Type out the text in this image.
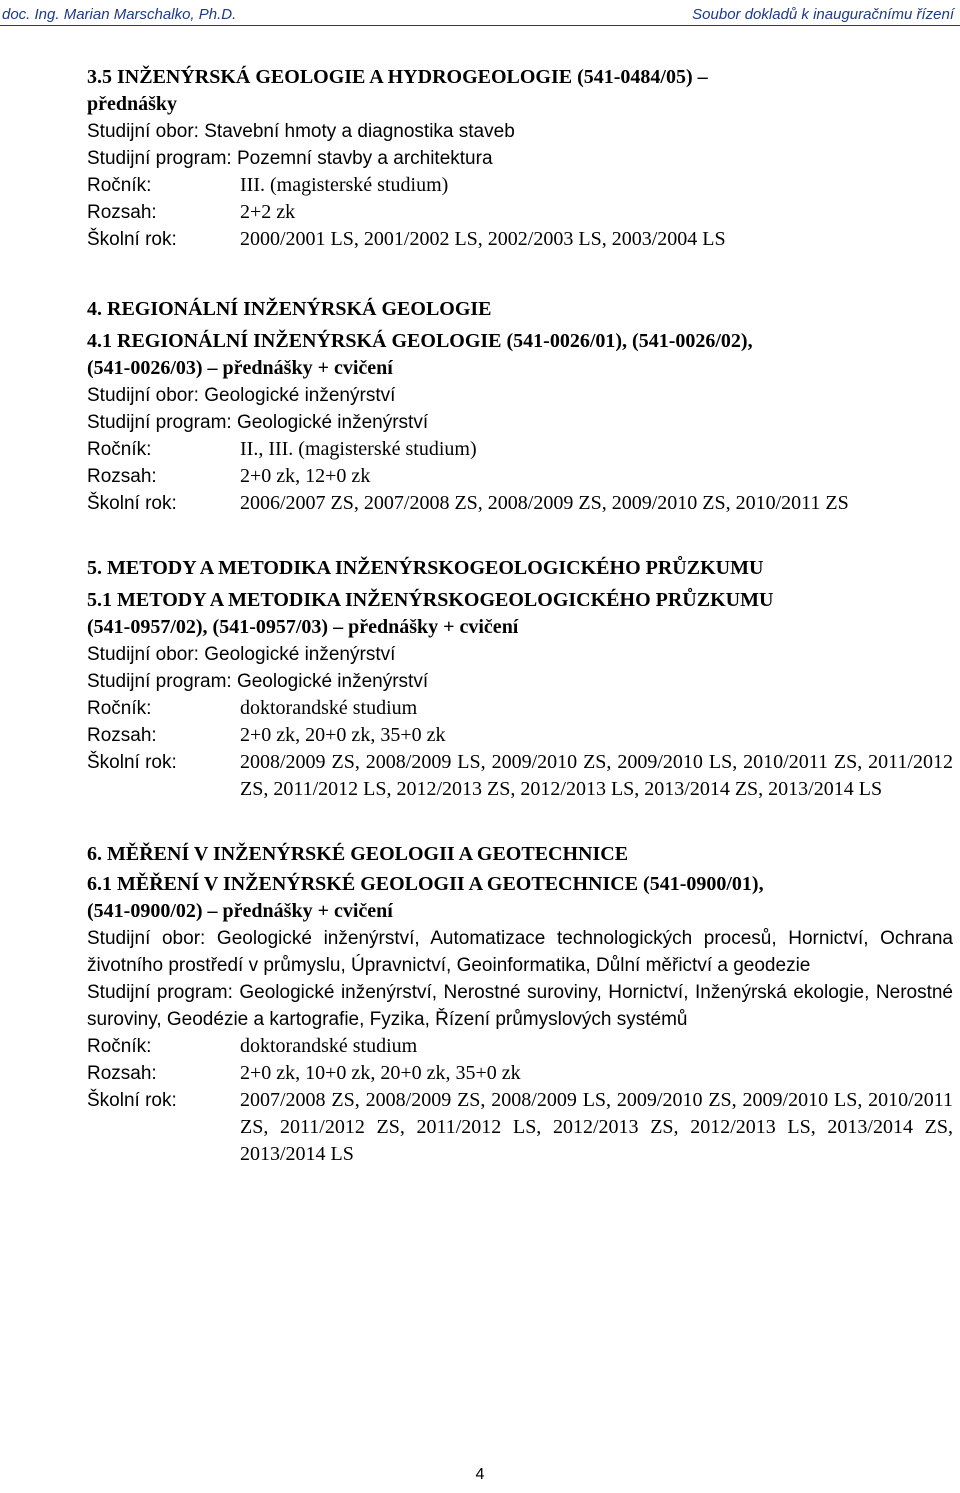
doc. Ing. Marian Marschalko, Ph.D.	Soubor dokladů k inauguračnímu řízení
3.5 INŽENÝRSKÁ GEOLOGIE A HYDROGEOLOGIE (541-0484/05) –
přednášky
Studijní obor: Stavební hmoty a diagnostika staveb
Studijní program: Pozemní stavby a architektura
Ročník:	III. (magisterské studium)
Rozsah:	2+2 zk
Školní rok:	2000/2001 LS, 2001/2002 LS, 2002/2003 LS, 2003/2004 LS
4. REGIONÁLNÍ INŽENÝRSKÁ GEOLOGIE
4.1 REGIONÁLNÍ INŽENÝRSKÁ GEOLOGIE (541-0026/01), (541-0026/02),
(541-0026/03) – přednášky + cvičení
Studijní obor: Geologické inženýrství
Studijní program: Geologické inženýrství
Ročník:	II., III. (magisterské studium)
Rozsah:	2+0 zk, 12+0 zk
Školní rok:	2006/2007 ZS, 2007/2008 ZS, 2008/2009 ZS, 2009/2010 ZS, 2010/2011 ZS
5. METODY A METODIKA INŽENÝRSKOGEOLOGICKÉHO PRŮZKUMU
5.1 METODY A METODIKA INŽENÝRSKOGEOLOGICKÉHO PRŮZKUMU
(541-0957/02), (541-0957/03) – přednášky + cvičení
Studijní obor: Geologické inženýrství
Studijní program: Geologické inženýrství
Ročník:	doktorandské studium
Rozsah:	2+0 zk, 20+0 zk, 35+0 zk
Školní rok:	2008/2009 ZS, 2008/2009 LS, 2009/2010 ZS, 2009/2010 LS, 2010/2011 ZS, 2011/2012 ZS, 2011/2012 LS, 2012/2013 ZS, 2012/2013 LS, 2013/2014 ZS, 2013/2014 LS
6. MĚŘENÍ V INŽENÝRSKÉ GEOLOGII A GEOTECHNICE
6.1 MĚŘENÍ V INŽENÝRSKÉ GEOLOGII A GEOTECHNICE (541-0900/01),
(541-0900/02) – přednášky + cvičení
Studijní obor: Geologické inženýrství, Automatizace technologických procesů, Hornictví, Ochrana životního prostředí v průmyslu, Úpravnictví, Geoinformatika, Důlní měřictví a geodezie
Studijní program: Geologické inženýrství, Nerostné suroviny, Hornictví, Inženýrská ekologie, Nerostné suroviny, Geodézie a kartografie, Fyzika, Řízení průmyslových systémů
Ročník:	doktorandské studium
Rozsah:	2+0 zk, 10+0 zk, 20+0 zk, 35+0 zk
Školní rok:	2007/2008 ZS, 2008/2009 ZS, 2008/2009 LS, 2009/2010 ZS, 2009/2010 LS, 2010/2011 ZS, 2011/2012 ZS, 2011/2012 LS, 2012/2013 ZS, 2012/2013 LS, 2013/2014 ZS, 2013/2014 LS
4
